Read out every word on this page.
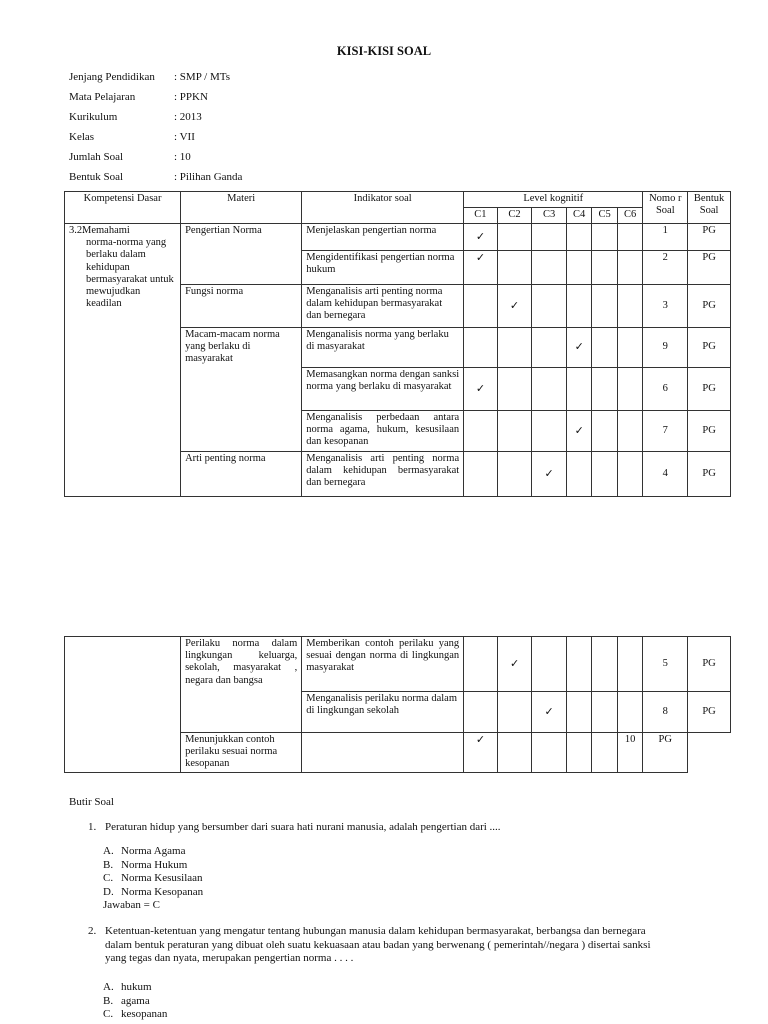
KISI-KISI SOAL
Jenjang Pendidikan	: SMP / MTs
Mata Pelajaran	: PPKN
Kurikulum	: 2013
Kelas	: VII
Jumlah Soal	: 10
Bentuk Soal	: Pilihan Ganda
Kompetensi Dasar	Materi	Indikator soal	Level kognitif						Nomo r Soal	Bentuk Soal
			C1	C2	C3	C4	C5	C6		

3.2.
Memahami
norma-norma yang berlaku dalam kehidupan bermasyarakat untuk mewujudkan keadilan	Pengertian Norma	Menjelaskan pengertian norma	✓						1	PG
		Mengidentifikasi pengertian norma hukum	✓						2	PG
	Fungsi norma	Menganalisis arti penting norma dalam kehidupan bermasyarakat dan bernegara		✓					3	PG
	Macam-macam norma yang berlaku di masyarakat	Menganalisis norma yang berlaku di masyarakat				✓			9	PG
		Memasangkan norma dengan sanksi norma yang berlaku di masyarakat	✓						6	PG
		Menganalisis perbedaan antara norma agama, hukum, kesusilaan dan kesopanan				✓			7	PG
	Arti penting norma	Menganalisis arti penting norma dalam kehidupan bermasyarakat dan bernegara			✓				4	PG
	Perilaku norma dalam lingkungan keluarga, sekolah, masyarakat , negara dan bangsa	Memberikan contoh perilaku yang sesuai dengan norma di lingkungan masyarakat		✓					5	PG
		Menganalisis perilaku norma dalam di lingkungan sekolah			✓				8	PG
	Menunjukkan contoh perilaku sesuai norma kesopanan		✓					10	PG	
Butir Soal
1. Peraturan hidup yang bersumber dari suara hati nurani manusia, adalah pengertian dari ....
A. Norma Agama
B. Norma Hukum
C. Norma Kesusilaan
D. Norma Kesopanan
Jawaban = C
2. Ketentuan-ketentuan yang mengatur tentang hubungan manusia dalam kehidupan bermasyarakat, berbangsa dan bernegara
dalam bentuk peraturan yang dibuat oleh suatu kekuasaan atau badan yang berwenang ( pemerintah//negara ) disertai sanksi
yang tegas dan nyata, merupakan pengertian norma . . . .
A. hukum
B. agama
C. kesopanan
